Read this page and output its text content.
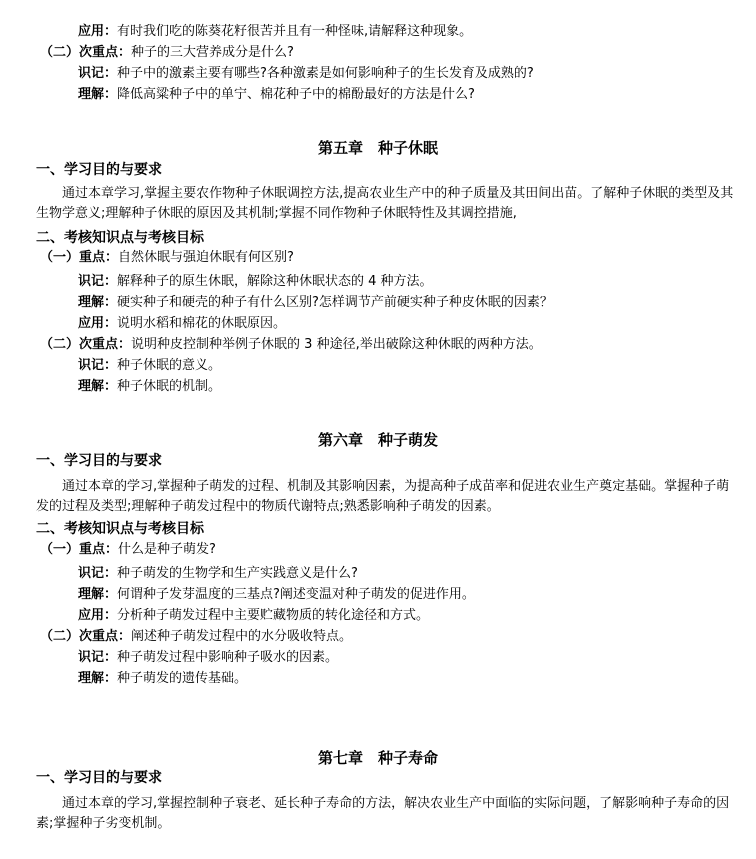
应用：有时我们吃的陈葵花籽很苦并且有一种怪味,请解释这种现象。
（二）次重点：种子的三大营养成分是什么?
识记：种子中的激素主要有哪些?各种激素是如何影响种子的生长发育及成熟的?
理解：降低高粱种子中的单宁、棉花种子中的棉酚最好的方法是什么?
第五章　种子休眠
一、学习目的与要求
通过本章学习,掌握主要农作物种子休眠调控方法,提高农业生产中的种子质量及其田间出苗。了解种子休眠的类型及其生物学意义;理解种子休眠的原因及其机制;掌握不同作物种子休眠特性及其调控措施,
二、考核知识点与考核目标
（一）重点：自然休眠与强迫休眠有何区别?
识记：解释种子的原生休眠，解除这种休眠状态的 4 种方法。
理解：硬实种子和硬壳的种子有什么区别?怎样调节产前硬实种子种皮休眠的因素？
应用：说明水稻和棉花的休眠原因。
（二）次重点：说明种皮控制种举例子休眠的 3 种途径,举出破除这种休眠的两种方法。
识记：种子休眠的意义。
理解：种子休眠的机制。
第六章　种子萌发
一、学习目的与要求
通过本章的学习,掌握种子萌发的过程、机制及其影响因素，为提高种子成苗率和促进农业生产奠定基础。掌握种子萌发的过程及类型;理解种子萌发过程中的物质代谢特点;熟悉影响种子萌发的因素。
二、考核知识点与考核目标
（一）重点：什么是种子萌发?
识记：种子萌发的生物学和生产实践意义是什么?
理解：何谓种子发芽温度的三基点?阐述变温对种子萌发的促进作用。
应用：分析种子萌发过程中主要贮藏物质的转化途径和方式。
（二）次重点：阐述种子萌发过程中的水分吸收特点。
识记：种子萌发过程中影响种子吸水的因素。
理解：种子萌发的遗传基础。
第七章　种子寿命
一、学习目的与要求
通过本章的学习,掌握控制种子衰老、延长种子寿命的方法，解决农业生产中面临的实际问题，了解影响种子寿命的因素;掌握种子劣变机制。
